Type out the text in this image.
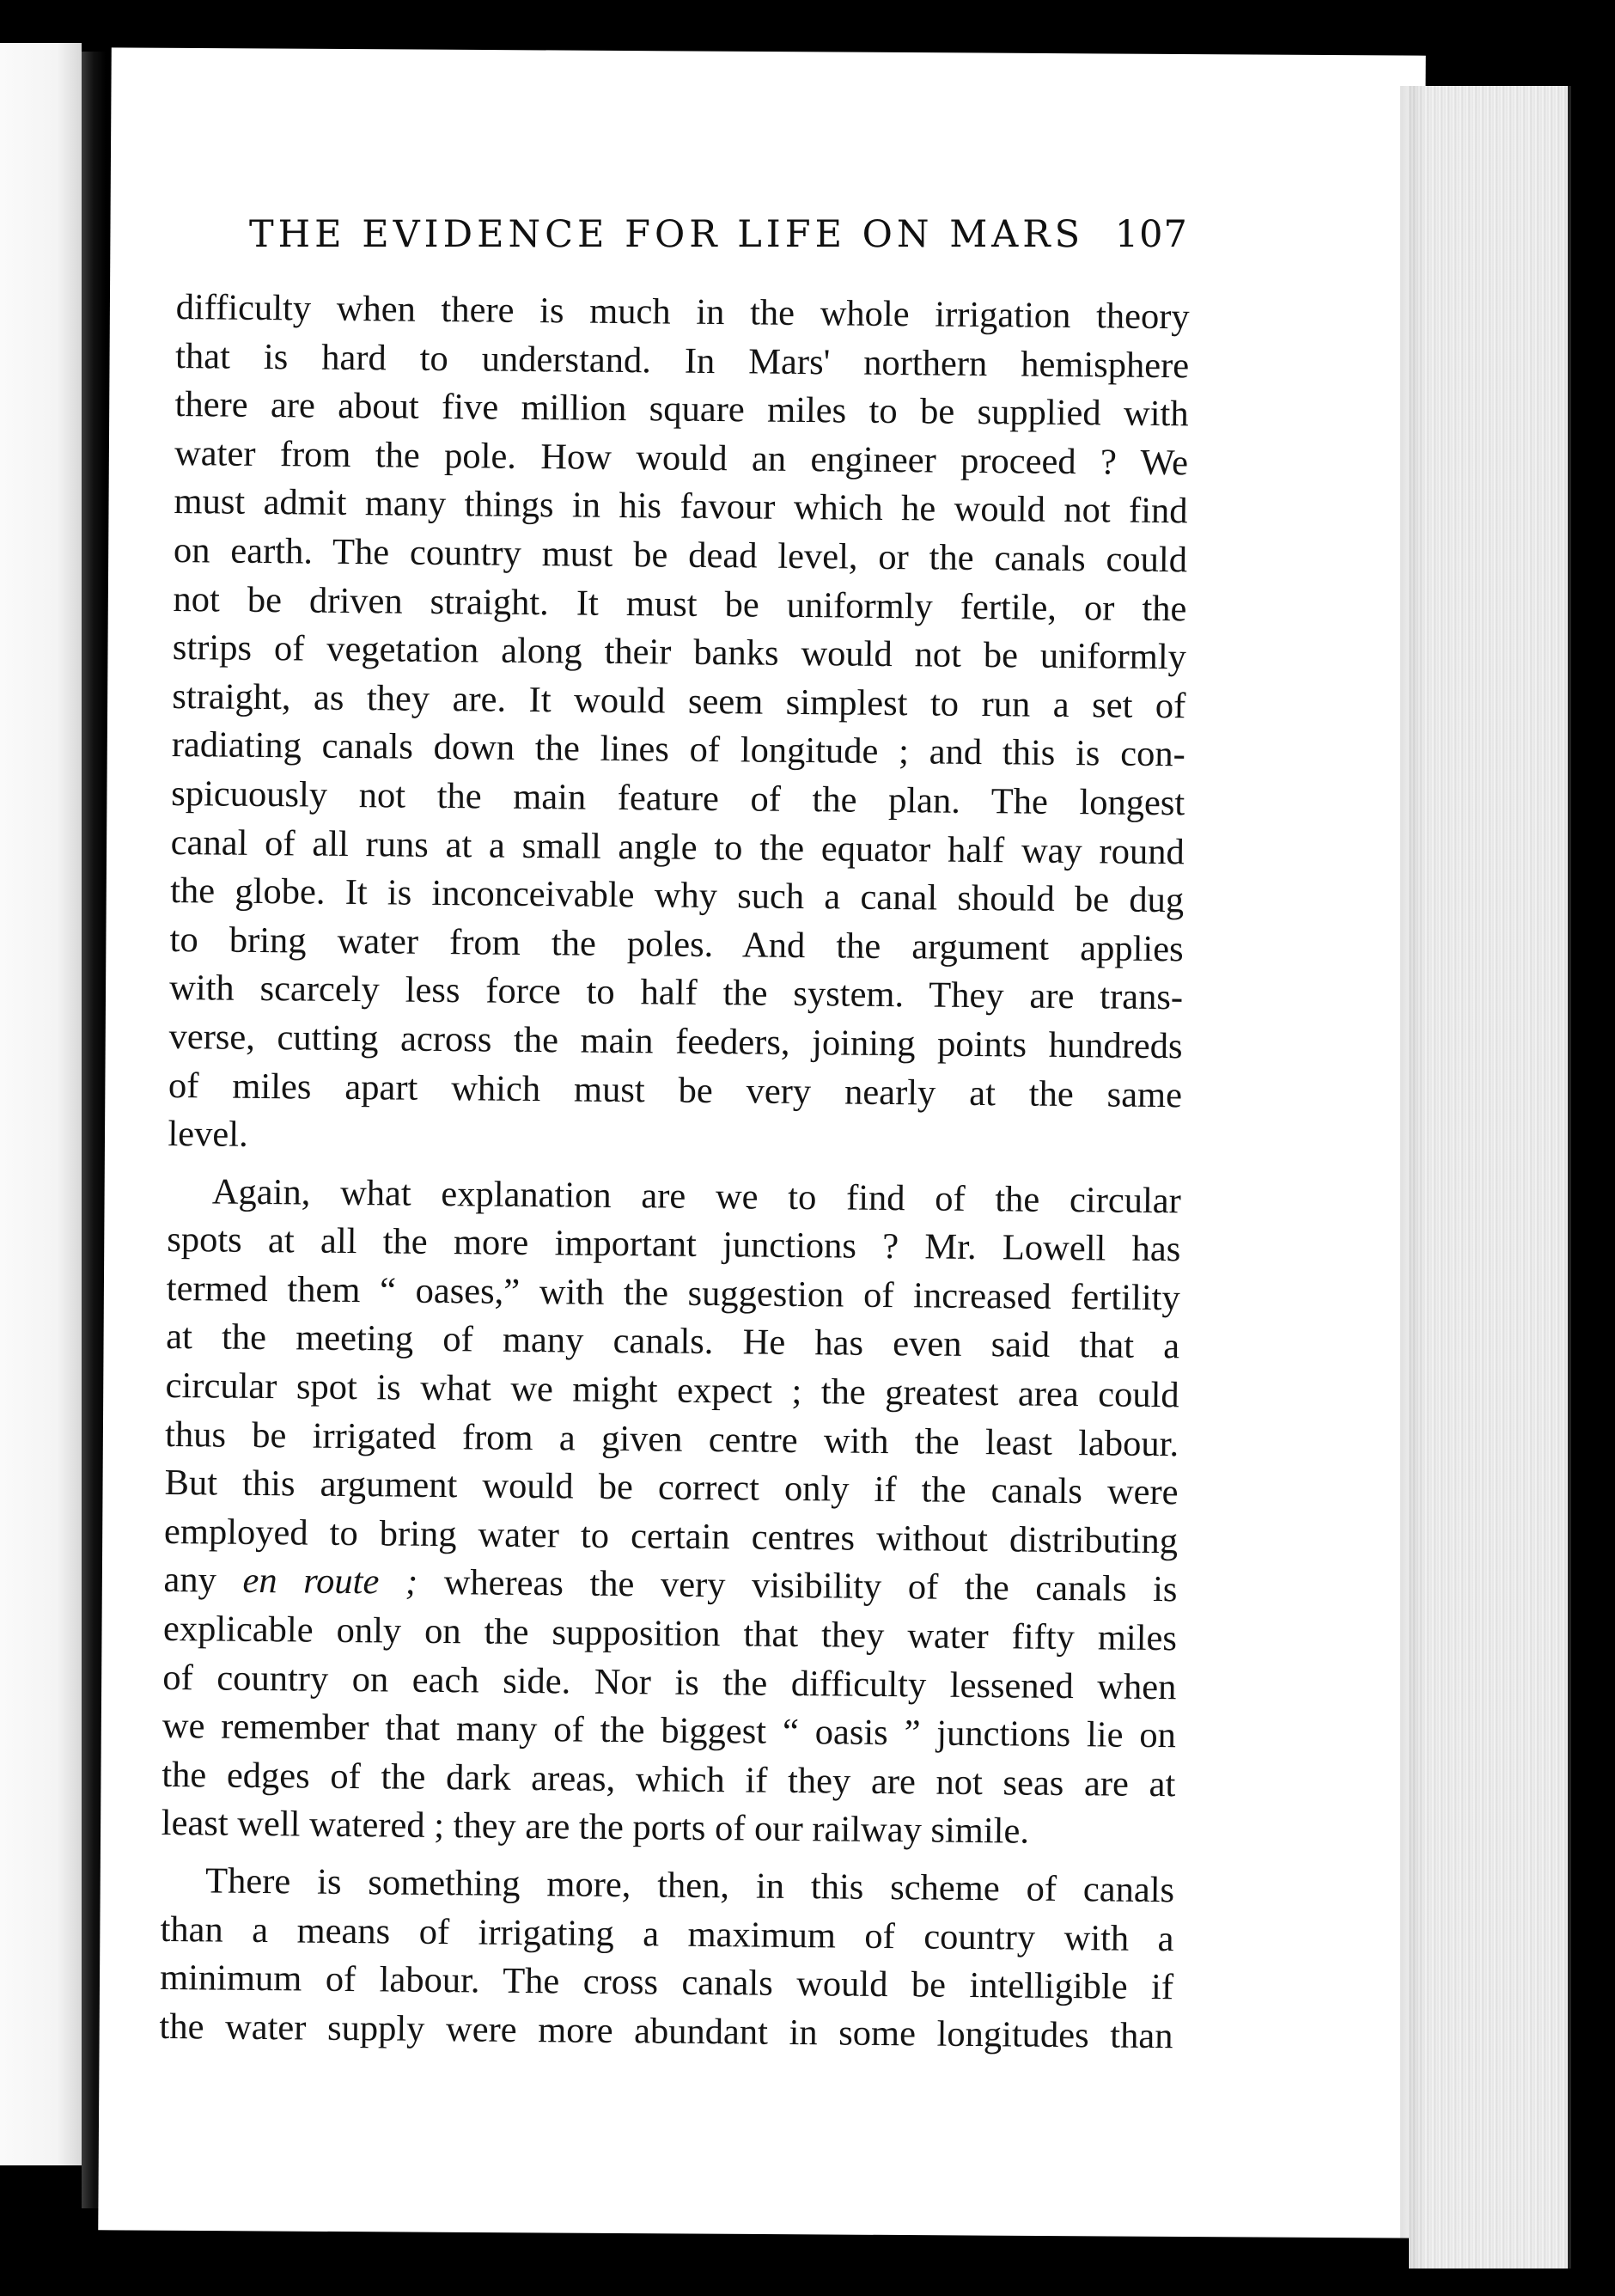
THE EVIDENCE FOR LIFE ON MARS 107
difficulty when there is much in the whole irrigation theory
that is hard to understand. In Mars' northern hemisphere
there are about five million square miles to be supplied with
water from the pole. How would an engineer proceed ? We
must admit many things in his favour which he would not find
on earth. The country must be dead level, or the canals could
not be driven straight. It must be uniformly fertile, or the
strips of vegetation along their banks would not be uniformly
straight, as they are. It would seem simplest to run a set of
radiating canals down the lines of longitude ; and this is con-
spicuously not the main feature of the plan. The longest
canal of all runs at a small angle to the equator half way round
the globe. It is inconceivable why such a canal should be dug
to bring water from the poles. And the argument applies
with scarcely less force to half the system. They are trans-
verse, cutting across the main feeders, joining points hundreds
of miles apart which must be very nearly at the same
level.
Again, what explanation are we to find of the circular
spots at all the more important junctions ? Mr. Lowell has
termed them “ oases,” with the suggestion of increased fertility
at the meeting of many canals. He has even said that a
circular spot is what we might expect ; the greatest area could
thus be irrigated from a given centre with the least labour.
But this argument would be correct only if the canals were
employed to bring water to certain centres without distributing
any en route ; whereas the very visibility of the canals is
explicable only on the supposition that they water fifty miles
of country on each side. Nor is the difficulty lessened when
we remember that many of the biggest “ oasis ” junctions lie on
the edges of the dark areas, which if they are not seas are at
least well watered ; they are the ports of our railway simile.
There is something more, then, in this scheme of canals
than a means of irrigating a maximum of country with a
minimum of labour. The cross canals would be intelligible if
the water supply were more abundant in some longitudes than
